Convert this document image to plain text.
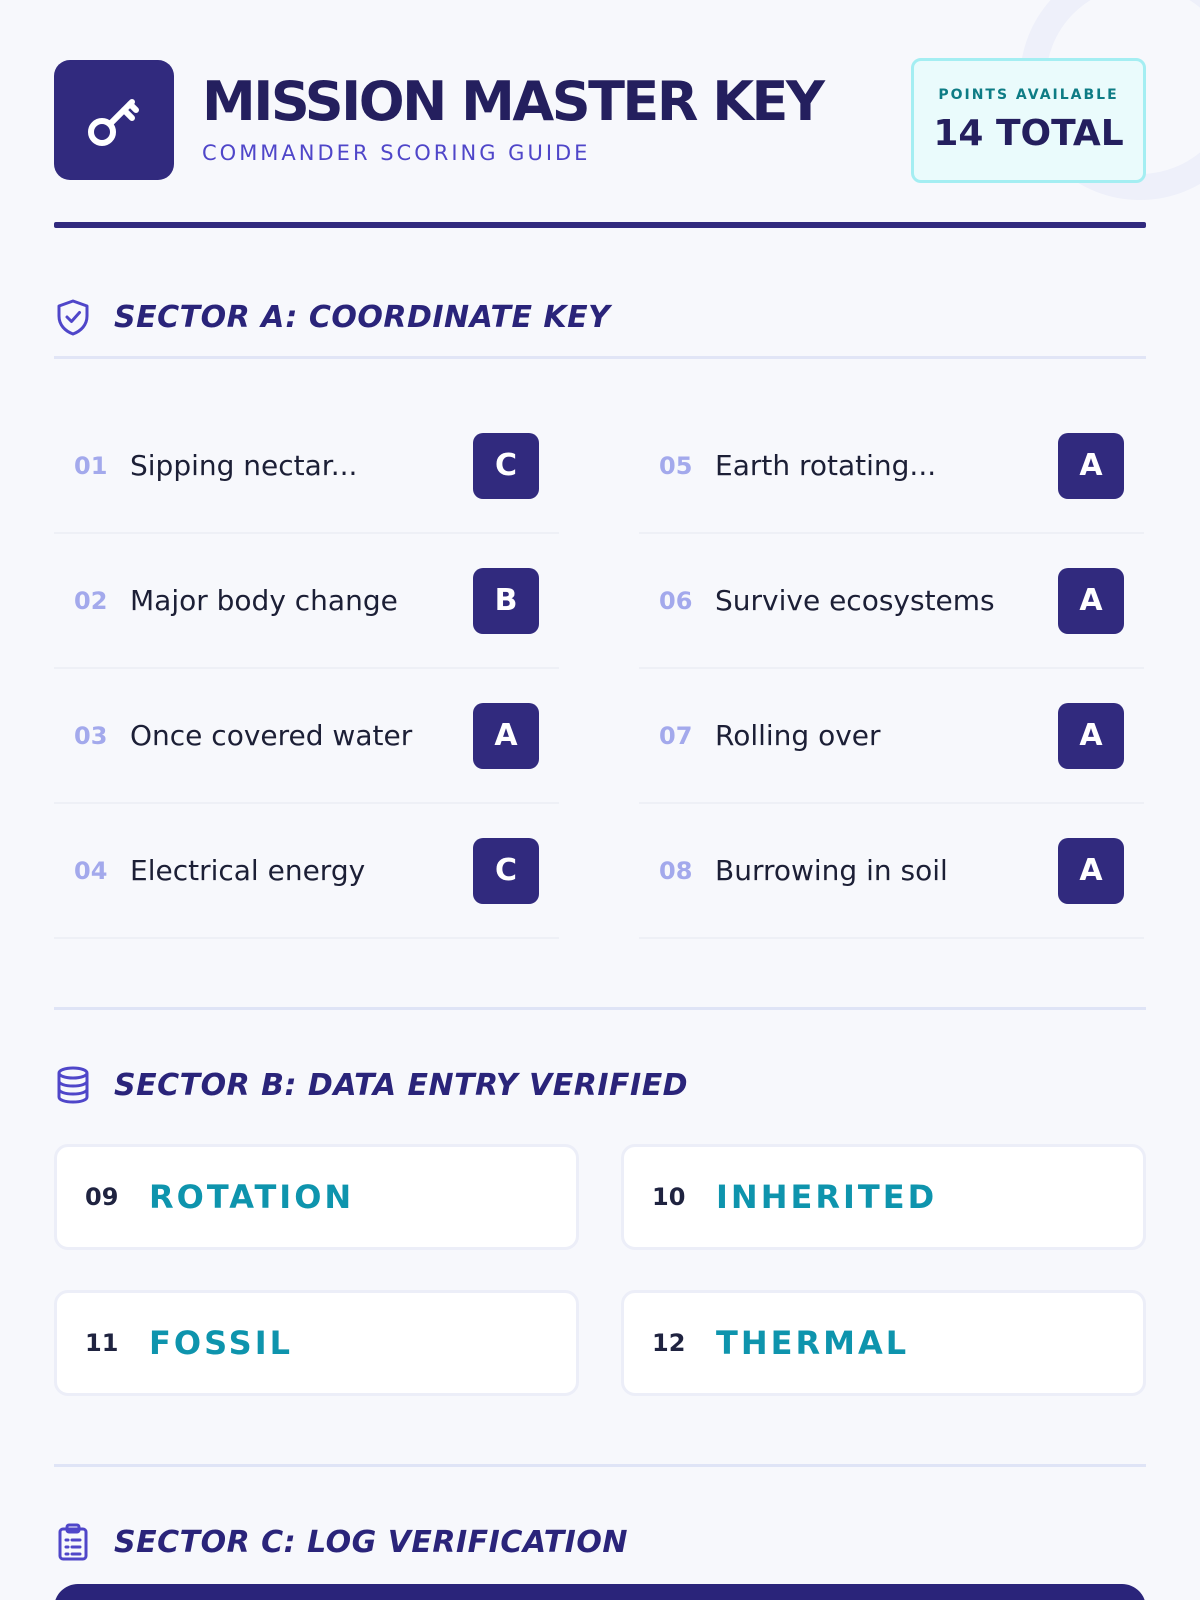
MISSION MASTER KEY
COMMANDER SCORING GUIDE
POINTS AVAILABLE
14 TOTAL
SECTOR A: COORDINATE KEY
01 Sipping nectar...	C	05 Earth rotating...	A
02 Major body change	B	06 Survive ecosystems	A
03 Once covered water	A	07 Rolling over	A
04 Electrical energy	C	08 Burrowing in soil	A
SECTOR B: DATA ENTRY VERIFIED
09 ROTATION	10 INHERITED
11 FOSSIL	12 THERMAL
SECTOR C: LOG VERIFICATION
